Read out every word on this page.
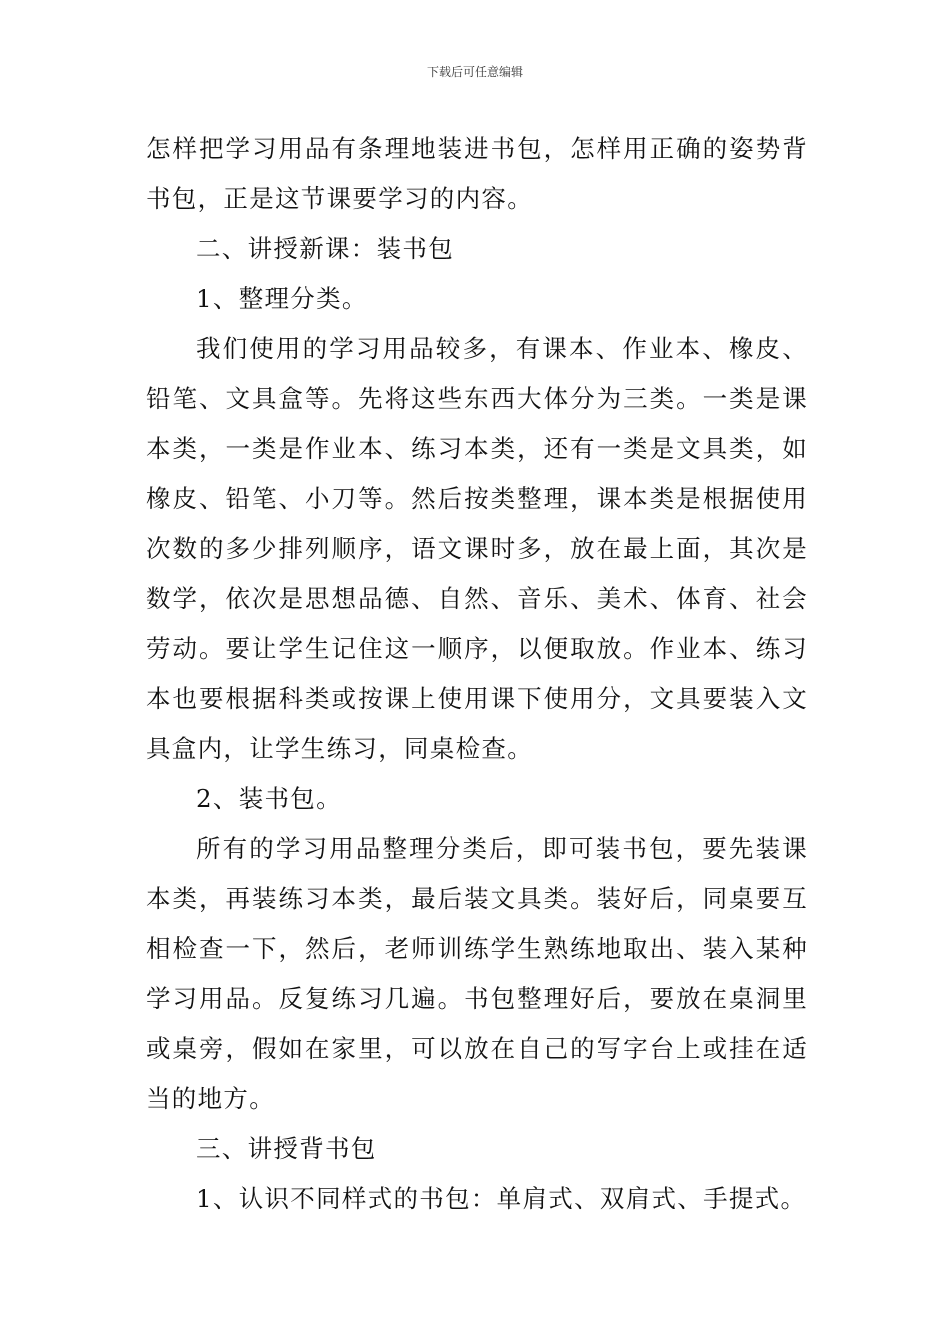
下载后可任意编辑

怎样把学习用品有条理地装进书包，怎样用正确的姿势背书包，正是这节课要学习的内容。

二、讲授新课：装书包

1、整理分类。

我们使用的学习用品较多，有课本、作业本、橡皮、铅笔、文具盒等。先将这些东西大体分为三类。一类是课本类，一类是作业本、练习本类，还有一类是文具类，如橡皮、铅笔、小刀等。然后按类整理，课本类是根据使用次数的多少排列顺序，语文课时多，放在最上面，其次是数学，依次是思想品德、自然、音乐、美术、体育、社会劳动。要让学生记住这一顺序，以便取放。作业本、练习本也要根据科类或按课上使用课下使用分，文具要装入文具盒内，让学生练习，同桌检查。

2、装书包。

所有的学习用品整理分类后，即可装书包，要先装课本类，再装练习本类，最后装文具类。装好后，同桌要互相检查一下，然后，老师训练学生熟练地取出、装入某种学习用品。反复练习几遍。书包整理好后，要放在桌洞里或桌旁，假如在家里，可以放在自己的写字台上或挂在适当的地方。

三、讲授背书包

1、认识不同样式的书包：单肩式、双肩式、手提式。
